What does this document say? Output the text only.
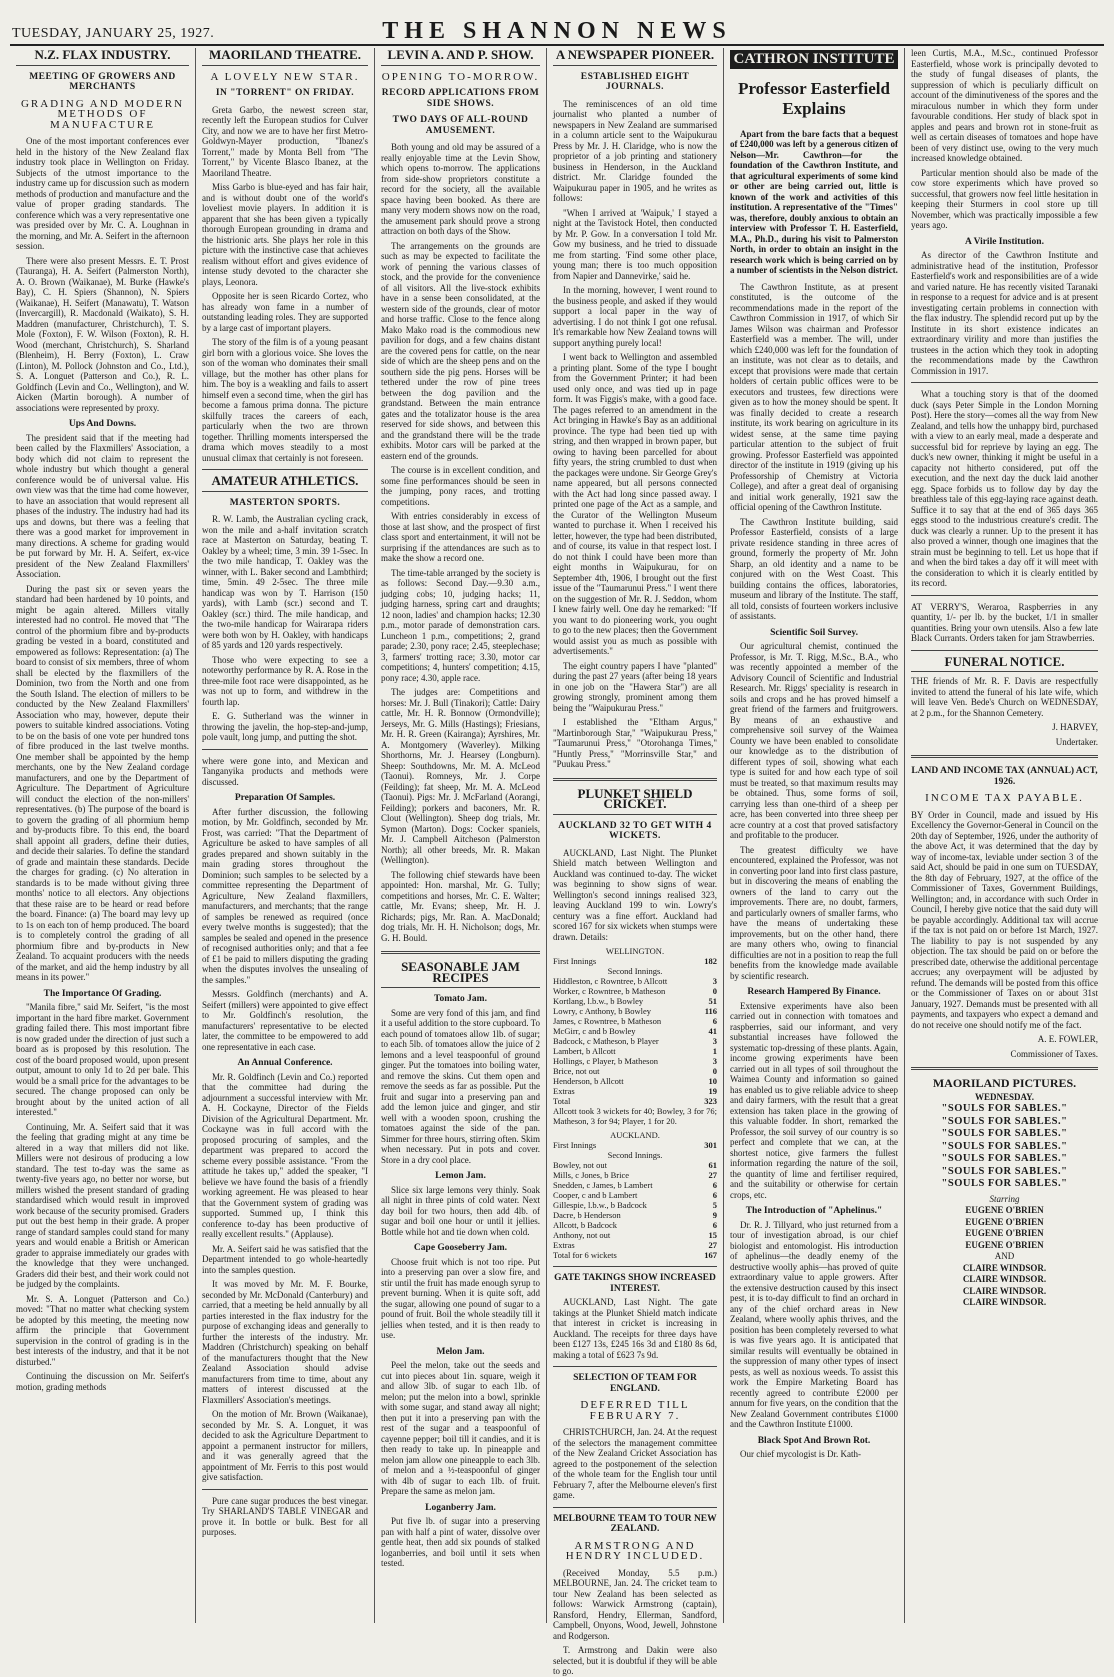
TUESDAY, JANUARY 25, 1927.	THE SHANNON NEWS
N.Z. FLAX INDUSTRY.
MEETING OF GROWERS AND MERCHANTS
GRADING AND MODERN METHODS OF MANUFACTURE

One of the most important conferences ever held in the history of the New Zealand flax industry took place in Wellington on Friday. Subjects of the utmost importance to the industry came up for discussion such as modern methods of production and manufacture and the value of proper grading standards. The conference which was a very representative one was presided over by Mr. C. A. Loughnan in the morning, and Mr. A. Seifert in the afternoon session.

There were also present Messrs. E. T. Prost (Tauranga), H. A. Seifert (Palmerston North), A. O. Brown (Waikanae), M. Burke (Hawke's Bay), C. H. Spiers (Shannon), N. Spiers (Waikanae), H. Seifert (Manawatu), T. Watson (Invercargill), R. Macdonald (Waikato), S. H. Maddren (manufacturer, Christchurch), T. S. Mole (Foxton), F. W. Wilson (Foxton), R. H. Wood (merchant, Christchurch), S. Sharland (Blenheim), H. Berry (Foxton), L. Craw (Linton), M. Pollock (Johnston and Co., Ltd.), S. A. Longuet (Patterson and Co.), R. L. Goldfinch (Levin and Co., Wellington), and W. Aicken (Martin borough). A number of associations were represented by proxy.

Ups And Downs.

The president said that if the meeting had been called by the Flaxmillers' Association, a body which did not claim to represent the whole industry but which thought a general conference would be of universal value. His own view was that the time had come however, to have an association that would represent all phases of the industry. The industry had had its ups and downs, but there was a feeling that there was a good market for improvement in many directions. A scheme for grading would be put forward by Mr. H. A. Seifert, ex-vice president of the New Zealand Flaxmillers' Association.

During the past six or seven years the standard had been hardened by 10 points, and might be again altered. Millers vitally interested had no control. He moved that "The control of the phormium fibre and by-products grading be vested in a board, constituted and empowered as follows: Representation: (a) The board to consist of six members, three of whom shall be elected by the flaxmillers of the Dominion, two from the North and one from the South Island. The election of millers to be conducted by the New Zealand Flaxmillers' Association who may, however, depute their powers to suitable kindred associations. Voting to be on the basis of one vote per hundred tons of fibre produced in the last twelve months. One member shall be appointed by the hemp merchants, one by the New Zealand cordage manufacturers, and one by the Department of Agriculture. The Department of Agriculture will conduct the election of the non-millers' representatives. (b) The purpose of the board is to govern the grading of all phormium hemp and by-products fibre. To this end, the board shall appoint all graders, define their duties, and decide their salaries. To define the standard of grade and maintain these standards. Decide the charges for grading. (c) No alteration in standards is to be made without giving three months' notice to all electors. Any objections that these raise are to be heard or read before the board. Finance: (a) The board may levy up to 1s on each ton of hemp produced. The board is to completely control the grading of all phormium fibre and by-products in New Zealand. To acquaint producers with the needs of the market, and aid the hemp industry by all means in its power."

The Importance Of Grading.

"Manila fibre," said Mr. Seifert, "is the most important in the hard fibre market. Government grading failed there. This most important fibre is now graded under the direction of just such a board as is proposed by this resolution. The cost of the board proposed would, upon present output, amount to only 1d to 2d per bale. This would be a small price for the advantages to be secured. The change proposed can only be brought about by the united action of all interested."

Continuing, Mr. A. Seifert said that it was the feeling that grading might at any time be altered in a way that millers did not like. Millers were not desirous of producing a low standard. The test to-day was the same as twenty-five years ago, no better nor worse, but millers wished the present standard of grading standardised which would result in improved work because of the security promised. Graders put out the best hemp in their grade. A proper range of standard samples could stand for many years and would enable a British or American grader to appraise immediately our grades with the knowledge that they were unchanged. Graders did their best, and their work could not be judged by the complaints.

Mr. S. A. Longuet (Patterson and Co.) moved: "That no matter what checking system be adopted by this meeting, the meeting now affirm the principle that Government supervision in the control of grading is in the best interests of the industry, and that it be not disturbed."

Continuing the discussion on Mr. Seifert's motion, grading methods

MAORILAND THEATRE.
A LOVELY NEW STAR.
IN "TORRENT" ON FRIDAY.

Greta Garbo, the newest screen star, recently left the European studios for Culver City, and now we are to have her first Metro-Goldwyn-Mayer production, "Ibanez's Torrent," made by Monta Bell from "The Torrent," by Vicente Blasco Ibanez, at the Maoriland Theatre.

Miss Garbo is blue-eyed and has fair hair, and is without doubt one of the world's loveliest movie players. In addition it is apparent that she has been given a typically thorough European grounding in drama and the histrionic arts. She plays her role in this picture with the instinctive case that achieves realism without effort and gives evidence of intense study devoted to the character she plays, Leonora.

Opposite her is seen Ricardo Cortez, who has already won fame in a number of outstanding leading roles. They are supported by a large cast of important players.

The story of the film is of a young peasant girl born with a glorious voice. She loves the son of the woman who dominates their small village, but the mother has other plans for him. The boy is a weakling and fails to assert himself even a second time, when the girl has become a famous prima donna. The picture skilfully traces the careers of each, particularly when the two are thrown together. Thrilling moments interspersed the drama which moves steadily to a most unusual climax that certainly is not foreseen.

AMATEUR ATHLETICS.
MASTERTON SPORTS.

R. W. Lamb, the Australian cycling crack, won the mile and a-half invitation scratch race at Masterton on Saturday, beating T. Oakley by a wheel; time, 3 min. 39 1-5sec. In the two mile handicap, T. Oakley was the winner, with L. Baker second and Lambthird; time, 5min. 49 2-5sec. The three mile handicap was won by T. Harrison (150 yards), with Lamb (scr.) second and T. Oakley (scr.) third. The mile handicap, and the two-mile handicap for Wairarapa riders were both won by H. Oakley, with handicaps of 85 yards and 120 yards respectively.

Those who were expecting to see a noteworthy performance by R. A. Rose in the three-mile foot race were disappointed, as he was not up to form, and withdrew in the fourth lap.

E. G. Sutherland was the winner in throwing the javelin, the hop-step-and-jump, pole vault, long jump, and putting the shot.

where were gone into, and Mexican and Tanganyika products and methods were discussed.

Preparation Of Samples.

After further discussion, the following motion, by Mr. Goldfinch, seconded by Mr. Frost, was carried: "That the Department of Agriculture be asked to have samples of all grades prepared and shown suitably in the main grading stores throughout the Dominion; such samples to be selected by a committee representing the Department of Agriculture, New Zealand flaxmillers, manufacturers, and merchants; that the range of samples be renewed as required (once every twelve months is suggested); that the samples be sealed and opened in the presence of recognised authorities only; and that a fee of £1 be paid to millers disputing the grading when the disputes involves the unsealing of the samples."

Messrs. Goldfinch (merchants) and A. Seifert (millers) were appointed to give effect to Mr. Goldfinch's resolution, the manufacturers' representative to be elected later, the committee to be empowered to add one representative in each case.

An Annual Conference.

Mr. R. Goldfinch (Levin and Co.) reported that the committee had during the adjournment a successful interview with Mr. A. H. Cockayne, Director of the Fields Division of the Agricultural Department. Mr. Cockayne was in full accord with the proposed procuring of samples, and the department was prepared to accord the scheme every possible assistance. "From the attitude he takes up," added the speaker, "I believe we have found the basis of a friendly working agreement. He was pleased to hear that the Government system of grading was supported. Summed up, I think this conference to-day has been productive of really excellent results." (Applause).

Mr. A. Seifert said he was satisfied that the Department intended to go whole-heartedly into the samples question.

It was moved by Mr. M. F. Bourke, seconded by Mr. McDonald (Canterbury) and carried, that a meeting be held annually by all parties interested in the flax industry for the purpose of exchanging ideas and generally to further the interests of the industry. Mr. Maddren (Christchurch) speaking on behalf of the manufacturers thought that the New Zealand Association should advise manufacturers from time to time, about any matters of interest discussed at the Flaxmillers' Association's meetings.

On the motion of Mr. Brown (Waikanae), seconded by Mr. S. A. Longuet, it was decided to ask the Agriculture Department to appoint a permanent instructor for millers, and it was generally agreed that the appointment of Mr. Ferris to this post would give satisfaction.

Pure cane sugar produces the best vinegar. Try SHARLAND'S TABLE VINEGAR and prove it. In bottle or bulk. Best for all purposes.

LEVIN A. AND P. SHOW.
OPENING TO-MORROW.
RECORD APPLICATIONS FROM SIDE SHOWS.
TWO DAYS OF ALL-ROUND AMUSEMENT.

Both young and old may be assured of a really enjoyable time at the Levin Show, which opens to-morrow. The applications from side-show proprietors constitute a record for the society, all the available space having been booked. As there are many very modern shows now on the road, the amusement park should prove a strong attraction on both days of the Show.

The arrangements on the grounds are such as may be expected to facilitate the work of penning the various classes of stock, and the provide for the convenience of all visitors. All the live-stock exhibits have in a sense been consolidated, at the western side of the grounds, clear of motor and horse traffic. Close to the fence along Mako Mako road is the commodious new pavilion for dogs, and a few chains distant are the covered pens for cattle, on the near side of which are the sheep pens and on the southern side the pig pens. Horses will be tethered under the row of pine trees between the dog pavilion and the grandstand. Between the main entrance gates and the totalizator house is the area reserved for side shows, and between this and the grandstand there will be the trade exhibits. Motor cars will be parked at the eastern end of the grounds.

The course is in excellent condition, and some fine performances should be seen in the jumping, pony races, and trotting competitions.

With entries considerably in excess of those at last show, and the prospect of first class sport and entertainment, it will not be surprising if the attendances are such as to make the show a record one.

The time-table arranged by the society is as follows: Second Day.—9.30 a.m., judging cobs; 10, judging hacks; 11, judging harness, spring cart and draughts; 12 noon, ladies' and champion hacks; 12.30 p.m., motor parade of demonstration cars. Luncheon 1 p.m., competitions; 2, grand parade; 2.30, pony race; 2.45, steeplechase; 3, farmers' trotting race; 3.30, motor car competitions; 4, hunters' competition; 4.15, pony race; 4.30, apple race.

The judges are: Competitions and horses: Mr. J. Bull (Tinakori); Cattle: Dairy cattle, Mr. H. R. Bonnow (Ormondville); Jerseys, Mr. G. Mills (Hastings); Friesians, Mr. H. R. Green (Kairanga); Ayrshires, Mr. A. Montgomery (Waverley). Milking Shorthorns, Mr. J. Hearsey (Longburn). Sheep: Southdowns, Mr. M. A. McLeod (Taonui). Romneys, Mr. J. Corpe (Feilding); fat sheep, Mr. M. A. McLeod (Taonui). Pigs: Mr. J. McFarland (Aorangi, Feilding); porkers and baconers, Mr. R. Clout (Wellington). Sheep dog trials, Mr. Symon (Marton). Dogs: Cocker spaniels, Mr. J. Campbell Aitcheson (Palmerston North); all other breeds, Mr. R. Makan (Wellington).

The following chief stewards have been appointed: Hon. marshal, Mr. G. Tully; competitions and horses, Mr. C. E. Walter; cattle, Mr. Evans; sheep, Mr. H. J. Richards; pigs, Mr. Ran. A. MacDonald; dog trials, Mr. H. H. Nicholson; dogs, Mr. G. H. Bould.

SEASONABLE JAM RECIPES
Tomato Jam.

Some are very fond of this jam, and find it a useful addition to the store cupboard. To each pound of tomatoes allow 1lb. of sugar; to each 5lb. of tomatoes allow the juice of 2 lemons and a level teaspoonful of ground ginger. Put the tomatoes into boiling water, and remove the skins. Cut them open and remove the seeds as far as possible. Put the fruit and sugar into a preserving pan and add the lemon juice and ginger, and stir well with a wooden spoon, crushing the tomatoes against the side of the pan. Simmer for three hours, stirring often. Skim when necessary. Put in pots and cover. Store in a dry cool place.

Lemon Jam.

Slice six large lemons very thinly. Soak all night in three pints of cold water. Next day boil for two hours, then add 4lb. of sugar and boil one hour or until it jellies. Bottle while hot and tie down when cold.

Cape Gooseberry Jam.

Choose fruit which is not too ripe. Put into a preserving pan over a slow fire, and stir until the fruit has made enough syrup to prevent burning. When it is quite soft, add the sugar, allowing one pound of sugar to a pound of fruit. Boil the whole steadily till it jellies when tested, and it is then ready to use.

Melon Jam.

Peel the melon, take out the seeds and cut into pieces about 1in. square, weigh it and allow 3lb. of sugar to each 1lb. of melon; put the melon into a bowl, sprinkle with some sugar, and stand away all night; then put it into a preserving pan with the rest of the sugar and a teaspoonful of cayenne pepper; boil till it candies, and it is then ready to take up. In pineapple and melon jam allow one pineapple to each 3lb. of melon and a ½-teaspoonful of ginger with 4lb of sugar to each 1lb. of fruit. Prepare the same as melon jam.

Loganberry Jam.

Put five lb. of sugar into a preserving pan with half a pint of water, dissolve over gentle heat, then add six pounds of stalked loganberries, and boil until it sets when tested.

A NEWSPAPER PIONEER.
ESTABLISHED EIGHT JOURNALS.

The reminiscences of an old time journalist who planted a number of newspapers in New Zealand are summarised in a column article sent to the Waipukurau Press by Mr. J. H. Claridge, who is now the proprietor of a job printing and stationery business in Henderson, in the Auckland district. Mr. Claridge founded the Waipukurau paper in 1905, and he writes as follows:

"When I arrived at 'Waipuk,' I stayed a night at the Tavistock Hotel, then conducted by Mr. P. Gow. In a conversation I told Mr. Gow my business, and he tried to dissuade me from starting. 'Find some other place, young man; there is too much opposition from Napier and Dannevirke,' said he.

In the morning, however, I went round to the business people, and asked if they would support a local paper in the way of advertising. I do not think I got one refusal. It's remarkable how New Zealand towns will support anything purely local!

I went back to Wellington and assembled a printing plant. Some of the type I bought from the Government Printer; it had been used only once, and was tied up in page form. It was Figgis's make, with a good face. The pages referred to an amendment in the Act bringing in Hawke's Bay as an additional province. The type had been tied up with string, and then wrapped in brown paper, but owing to having been parcelled for about fifty years, the string crumbled to dust when the packages were undone. Sir George Grey's name appeared, but all persons connected with the Act had long since passed away. I printed one page of the Act as a sample, and the Curator of the Wellington Museum wanted to purchase it. When I received his letter, however, the type had been distributed, and of course, its value in that respect lost. I do not think I could have been more than eight months in Waipukurau, for on September 4th, 1906, I brought out the first issue of the "Taumarunui Press." I went there on the suggestion of Mr. R. J. Seddon, whom I knew fairly well. One day he remarked: "If you want to do pioneering work, you ought to go to the new places; then the Government would assist you as much as possible with advertisements."

The eight country papers I have "planted" during the past 27 years (after being 18 years in one job on the "Hawera Star") are all growing strongly, prominent among them being the "Waipukurau Press."

I established the "Eltham Argus," "Martinborough Star," "Waipukurau Press," "Taumarunui Press," "Otorohanga Times," "Huntly Press," "Morrinsville Star," and "Puukau Press."

PLUNKET SHIELD CRICKET.
AUCKLAND 32 TO GET WITH 4 WICKETS.

AUCKLAND, Last Night. The Plunket Shield match between Wellington and Auckland was continued to-day. The wicket was beginning to show signs of wear. Wellington's second innings realised 323, leaving Auckland 199 to win. Lowry's century was a fine effort. Auckland had scored 167 for six wickets when stumps were drawn. Details:

WELLINGTON.
First Innings	182
Second Innings.
Hiddleston, c Rowntree, b Allcott	3
Worker, c Rowntree, b Matheson	0
Kortlang, l.b.w., b Bowley	51
Lowry, c Anthony, b Bowley	116
James, c Rowntree, b Matheson	6
McGirr, c and b Bowley	41
Badcock, c Matheson, b Player	3
Lambert, b Allcott	1
Hollings, c Player, b Matheson	3
Brice, not out	0
Henderson, b Allcott	10
Extras	19
Total	323

Allcott took 3 wickets for 40; Bowley, 3 for 76; Matheson, 3 for 94; Player, 1 for 20.

AUCKLAND.
First Innings	301
Second Innings.
Bowley, not out	61
Mills, c Jones, b Brice	27
Snedden, c James, b Lambert	6
Cooper, c and b Lambert	6
Gillespie, l.b.w., b Badcock	5
Dacre, b Henderson	9
Allcott, b Badcock	6
Anthony, not out	15
Extras	27
Total for 6 wickets	167
GATE TAKINGS SHOW INCREASED INTEREST.

AUCKLAND, Last Night. The gate takings at the Plunket Shield match indicate that interest in cricket is increasing in Auckland. The receipts for three days have been £127 13s, £245 16s 3d and £180 8s 6d, making a total of £623 7s 9d.

SELECTION OF TEAM FOR ENGLAND.
DEFERRED TILL FEBRUARY 7.

CHRISTCHURCH, Jan. 24. At the request of the selectors the management committee of the New Zealand Cricket Association has agreed to the postponement of the selection of the whole team for the English tour until February 7, after the Melbourne eleven's first game.

MELBOURNE TEAM TO TOUR NEW ZEALAND.
ARMSTRONG AND HENDRY INCLUDED.

(Received Monday, 5.5 p.m.) MELBOURNE, Jan. 24. The cricket team to tour New Zealand has been selected as follows: Warwick Armstrong (captain), Ransford, Hendry, Ellerman, Sandford, Campbell, Onyons, Wood, Jewell, Johnstone and Rodgerson.

T. Armstrong and Dakin were also selected, but it is doubtful if they will be able to go.

CATHRON INSTITUTE
Professor Easterfield Explains

Apart from the bare facts that a bequest of £240,000 was left by a generous citizen of Nelson—Mr. Cawthron—for the foundation of the Cawthron Institute, and that agricultural experiments of some kind or other are being carried out, little is known of the work and activities of this institution. A representative of the "Times" was, therefore, doubly anxious to obtain an interview with Professor T. H. Easterfield, M.A., Ph.D., during his visit to Palmerston North, in order to obtain an insight in the research work which is being carried on by a number of scientists in the Nelson district.

The Cawthron Institute, as at present constituted, is the outcome of the recommendations made in the report of the Cawthron Commission in 1917, of which Sir James Wilson was chairman and Professor Easterfield was a member. The will, under which £240,000 was left for the foundation of an institute, was not clear as to details, and except that provisions were made that certain holders of certain public offices were to be executors and trustees, few directions were given as to how the money should be spent. It was finally decided to create a research institute, its work bearing on agriculture in its widest sense, at the same time paying particular attention to the subject of fruit growing. Professor Easterfield was appointed director of the institute in 1919 (giving up his Professorship of Chemistry at Victoria College), and after a great deal of organising and initial work generally, 1921 saw the official opening of the Cawthron Institute.

The Cawthron Institute building, said Professor Easterfield, consists of a large private residence standing in three acres of ground, formerly the property of Mr. John Sharp, an old identity and a name to be conjured with on the West Coast. This building contains the offices, laboratories, museum and library of the Institute. The staff, all told, consists of fourteen workers inclusive of assistants.

Scientific Soil Survey.

Our agricultural chemist, continued the Professor, is Mr. T. Rigg, M.Sc., B.A., who was recently appointed a member of the Advisory Council of Scientific and Industrial Research. Mr. Riggs' speciality is research in soils and crops and he has proved himself a great friend of the farmers and fruitgrowers. By means of an exhaustive and comprehensive soil survey of the Waimea County we have been enabled to consolidate our knowledge as to the distribution of different types of soil, showing what each type is suited for and how each type of soil must be treated, so that maximum results may be obtained. Thus, some forms of soil, carrying less than one-third of a sheep per acre, has been converted into three sheep per acre country at a cost that proved satisfactory and profitable to the producer.

The greatest difficulty we have encountered, explained the Professor, was not in converting poor land into first class pasture, but in discovering the means of enabling the owners of the land to carry out the improvements. There are, no doubt, farmers, and particularly owners of smaller farms, who have the means of undertaking these improvements, but on the other hand, there are many others who, owing to financial difficulties are not in a position to reap the full benefits from the knowledge made available by scientific research.

Research Hampered By Finance.

Extensive experiments have also been carried out in connection with tomatoes and raspberries, said our informant, and very substantial increases have followed the systematic top-dressing of these plants. Again, income growing experiments have been carried out in all types of soil throughout the Waimea County and information so gained has enabled us to give reliable advice to sheep and dairy farmers, with the result that a great extension has taken place in the growing of this valuable fodder. In short, remarked the Professor, the soil survey of our country is so perfect and complete that we can, at the shortest notice, give farmers the fullest information regarding the nature of the soil, the quantity of lime and fertiliser required, and the suitability or otherwise for certain crops, etc.

The Introduction of "Aphelinus."

Dr. R. J. Tillyard, who just returned from a tour of investigation abroad, is our chief biologist and entomologist. His introduction of aphelinus—the deadly enemy of the destructive woolly aphis—has proved of quite extraordinary value to apple growers. After the extensive destruction caused by this insect pest, it is to-day difficult to find an orchard in any of the chief orchard areas in New Zealand, where woolly aphis thrives, and the position has been completely reversed to what is was five years ago. It is anticipated that similar results will eventually be obtained in the suppression of many other types of insect pests, as well as noxious weeds. To assist this work the Empire Marketing Board has recently agreed to contribute £2000 per annum for five years, on the condition that the New Zealand Government contributes £1000 and the Cawthron Institute £1000.

Black Spot And Brown Rot.

Our chief mycologist is Dr. Kath-

leen Curtis, M.A., M.Sc., continued Professor Easterfield, whose work is principally devoted to the study of fungal diseases of plants, the suppression of which is peculiarly difficult on account of the diminutiveness of the spores and the miraculous number in which they form under favourable conditions. Her study of black spot in apples and pears and brown rot in stone-fruit as well as certain diseases of tomatoes and hope have been of very distinct use, owing to the very much increased knowledge obtained.

Particular mention should also be made of the cow store experiments which have proved so successful, that growers now feel little hesitation in keeping their Sturmers in cool store up till November, which was practically impossible a few years ago.

A Virile Institution.

As director of the Cawthron Institute and administrative head of the institution, Professor Easterfield's work and responsibilities are of a wide and varied nature. He has recently visited Taranaki in response to a request for advice and is at present investigating certain problems in connection with the flax industry. The splendid record put up by the Institute in its short existence indicates an extraordinary virility and more than justifies the trustees in the action which they took in adopting the recommendations made by the Cawthron Commission in 1917.

What a touching story is that of the doomed duck (says Peter Simple in the London Morning Post). Here the story—comes all the way from New Zealand, and tells how the unhappy bird, purchased with a view to an early meal, made a desperate and successful bid for reprieve by laying an egg. The duck's new owner, thinking it might be useful in a capacity not hitherto considered, put off the execution, and the next day the duck laid another egg. Space forbids us to follow day by day the breathless tale of this egg-laying race against death. Suffice it to say that at the end of 365 days 365 eggs stood to the industrious creature's credit. The duck was clearly a runner. Up to the present it has also proved a winner, though one imagines that the strain must be beginning to tell. Let us hope that if and when the bird takes a day off it will meet with the consideration to which it is clearly entitled by its record.

AT VERRY'S, Weraroa, Raspberries in any quantity, 1/- per lb. by the bucket, 1/1 in smaller quantities. Bring your own utensils. Also a few late Black Currants. Orders taken for jam Strawberries.

FUNERAL NOTICE.

THE friends of Mr. R. F. Davis are respectfully invited to attend the funeral of his late wife, which will leave Ven. Bede's Church on WEDNESDAY, at 2 p.m., for the Shannon Cemetery.

J. HARVEY,
Undertaker.
LAND AND INCOME TAX (ANNUAL) ACT, 1926.
INCOME TAX PAYABLE.

BY Order in Council, made and issued by His Excellency the Governor-General in Council on the 20th day of September, 1926, under the authority of the above Act, it was determined that the day by way of income-tax, leviable under section 3 of the said Act, should be paid in one sum on TUESDAY, the 8th day of February, 1927, at the office of the Commissioner of Taxes, Government Buildings, Wellington; and, in accordance with such Order in Council, I hereby give notice that the said duty will be payable accordingly. Additional tax will accrue if the tax is not paid on or before 1st March, 1927. The liability to pay is not suspended by any objection. The tax should be paid on or before the prescribed date, otherwise the additional percentage accrues; any overpayment will be adjusted by refund. The demands will be posted from this office or the Commissioner of Taxes on or about 31st January, 1927. Demands must be presented with all payments, and taxpayers who expect a demand and do not receive one should notify me of the fact.

A. E. FOWLER,
Commissioner of Taxes.
MAORILAND PICTURES.
WEDNESDAY.
"SOULS FOR SABLES."
"SOULS FOR SABLES."
"SOULS FOR SABLES."
"SOULS FOR SABLES."
"SOULS FOR SABLES."
"SOULS FOR SABLES."
"SOULS FOR SABLES."
Starring
EUGENE O'BRIEN
EUGENE O'BRIEN
EUGENE O'BRIEN
EUGENE O'BRIEN
AND
CLAIRE WINDSOR.
CLAIRE WINDSOR.
CLAIRE WINDSOR.
CLAIRE WINDSOR.
